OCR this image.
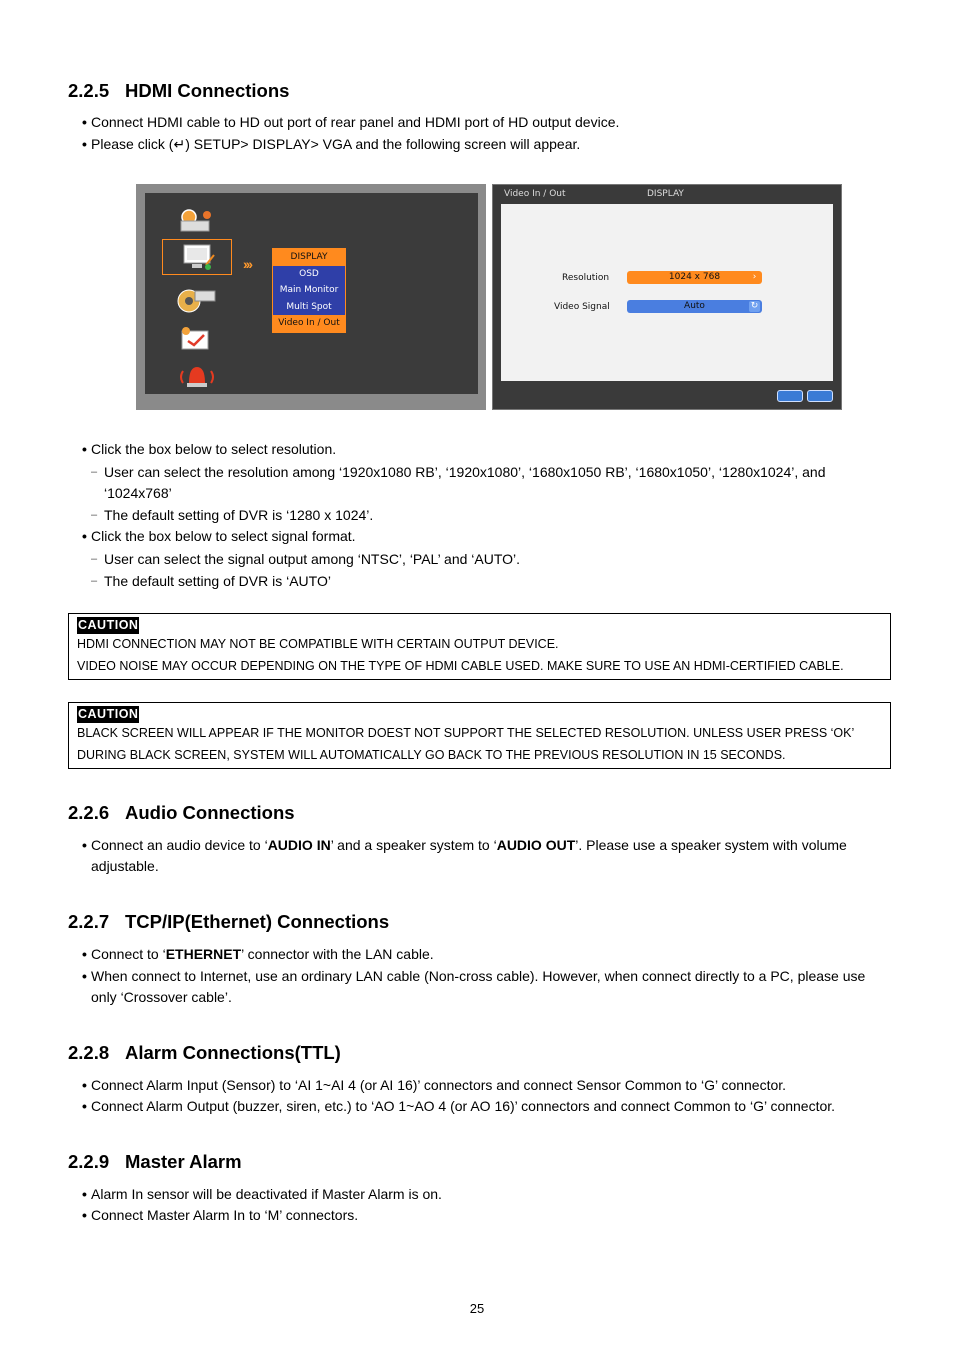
2.2.5 HDMI Connections
• Connect HDMI cable to HD out port of rear panel and HDMI port of HD output device.
• Please click (↵) SETUP> DISPLAY> VGA and the following screen will appear.
›››	DISPLAY
OSD
Main Monitor
Multi Spot
Video In / Out
Video In / Out	DISPLAY
Resolution	1024 x 768	›
Video Signal	Auto	↻
• Click the box below to select resolution.
– User can select the resolution among ‘1920x1080 RB’, ‘1920x1080’, ‘1680x1050 RB’, ‘1680x1050’, ‘1280x1024’, and ‘1024x768’
– The default setting of DVR is ‘1280 x 1024’.
• Click the box below to select signal format.
– User can select the signal output among ‘NTSC’, ‘PAL’ and ‘AUTO’.
– The default setting of DVR is ‘AUTO’
CAUTION
HDMI CONNECTION MAY NOT BE COMPATIBLE WITH CERTAIN OUTPUT DEVICE.
VIDEO NOISE MAY OCCUR DEPENDING ON THE TYPE OF HDMI CABLE USED. MAKE SURE TO USE AN HDMI-CERTIFIED CABLE.
CAUTION
BLACK SCREEN WILL APPEAR IF THE MONITOR DOEST NOT SUPPORT THE SELECTED RESOLUTION. UNLESS USER PRESS ‘OK’
DURING BLACK SCREEN, SYSTEM WILL AUTOMATICALLY GO BACK TO THE PREVIOUS RESOLUTION IN 15 SECONDS.
2.2.6 Audio Connections
• Connect an audio device to ‘AUDIO IN’ and a speaker system to ‘AUDIO OUT’. Please use a speaker system with volume adjustable.
2.2.7 TCP/IP(Ethernet) Connections
• Connect to ‘ETHERNET’ connector with the LAN cable.
• When connect to Internet, use an ordinary LAN cable (Non-cross cable). However, when connect directly to a PC, please use only ‘Crossover cable’.
2.2.8 Alarm Connections(TTL)
• Connect Alarm Input (Sensor) to ‘AI 1~AI 4 (or AI 16)’ connectors and connect Sensor Common to ‘G’ connector.
• Connect Alarm Output (buzzer, siren, etc.) to ‘AO 1~AO 4 (or AO 16)’ connectors and connect Common to ‘G’ connector.
2.2.9 Master Alarm
• Alarm In sensor will be deactivated if Master Alarm is on.
• Connect Master Alarm In to ‘M’ connectors.
25
